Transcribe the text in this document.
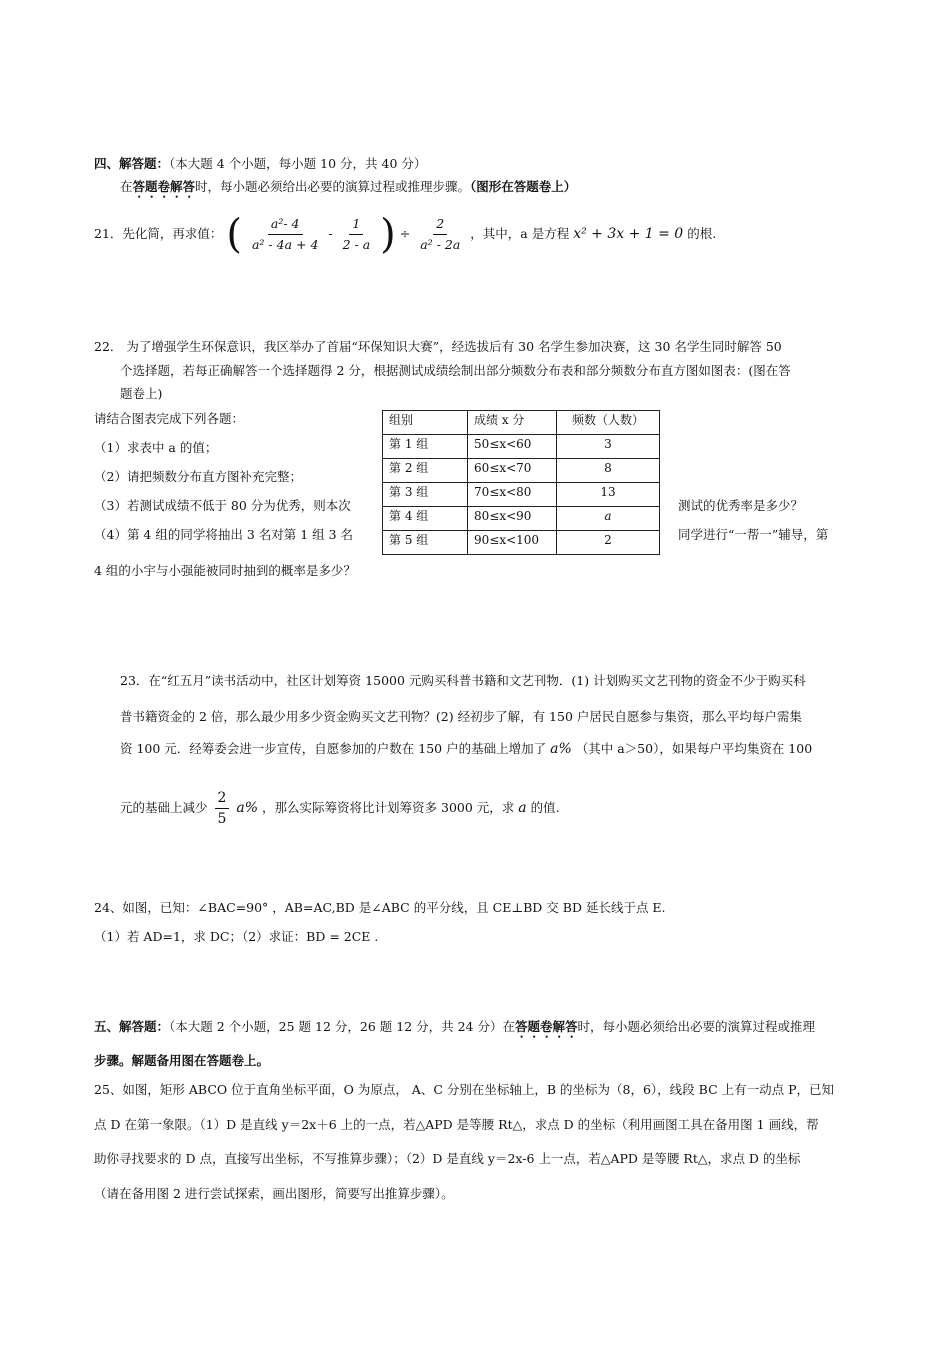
四、解答题：（本大题 4 个小题，每小题 10 分，共 40 分）
在答题卷解答时，每小题必须给出必要的演算过程或推理步骤。（图形在答题卷上）
21．先化简，再求值： ( $\frac{\text{a²- 4}}{\text{a² - 4a + 4}} - \frac{1}{2 - a}$ ) ÷ $\frac{2}{\text{a² - 2a}}$ ，其中，a 是方程 x² + 3x + 1 = 0 的根.
22． 为了增强学生环保意识，我区举办了首届“环保知识大赛”，经选拔后有 30 名学生参加决赛，这 30 名学生同时解答 50
个选择题，若每正确解答一个选择题得 2 分，根据测试成绩绘制出部分频数分布表和部分频数分布直方图如图表：(图在答
题卷上)
请结合图表完成下列各题：
（1）求表中 a 的值；
（2）请把频数分布直方图补充完整；
（3）若测试成绩不低于 80 分为优秀，则本次	测试的优秀率是多少？
（4）第 4 组的同学将抽出 3 名对第 1 组 3 名	同学进行“一帮一”辅导，第
4 组的小宇与小强能被同时抽到的概率是多少？
组别	成绩 x 分	频数（人数）
第 1 组	50≤x<60	3
第 2 组	60≤x<70	8
第 3 组	70≤x<80	13
第 4 组	80≤x<90	a
第 5 组	90≤x<100	2
23．在“红五月”读书活动中，社区计划筹资 15000 元购买科普书籍和文艺刊物．(1) 计划购买文艺刊物的资金不少于购买科
普书籍资金的 2 倍，那么最少用多少资金购买文艺刊物？(2) 经初步了解，有 150 户居民自愿参与集资，那么平均每户需集
资 100 元．经筹委会进一步宣传，自愿参加的户数在 150 户的基础上增加了 a% （其中 a＞50），如果每户平均集资在 100
元的基础上减少 $\frac{2}{5} a\%$ ，那么实际筹资将比计划筹资多 3000 元，求 a 的值.
24、如图，已知：∠BAC=90° ，AB=AC,BD 是∠ABC 的平分线，且 CE⊥BD 交 BD 延长线于点 E.
（1）若 AD=1，求 DC；（2）求证：BD = 2CE .
五、解答题：（本大题 2 个小题，25 题 12 分，26 题 12 分，共 24 分）在答题卷解答时，每小题必须给出必要的演算过程或推理
步骤。解题备用图在答题卷上。
25、如图，矩形 ABCO 位于直角坐标平面，O 为原点， A、C 分别在坐标轴上，B 的坐标为（8，6），线段 BC 上有一动点 P，已知
点 D 在第一象限。（1）D 是直线 y＝2x＋6 上的一点，若△APD 是等腰 Rt△，求点 D 的坐标（利用画图工具在备用图 1 画线，帮
助你寻找要求的 D 点，直接写出坐标，不写推算步骤）；（2）D 是直线 y＝2x-6 上一点，若△APD 是等腰 Rt△，求点 D 的坐标
（请在备用图 2 进行尝试探索，画出图形，简要写出推算步骤）。
